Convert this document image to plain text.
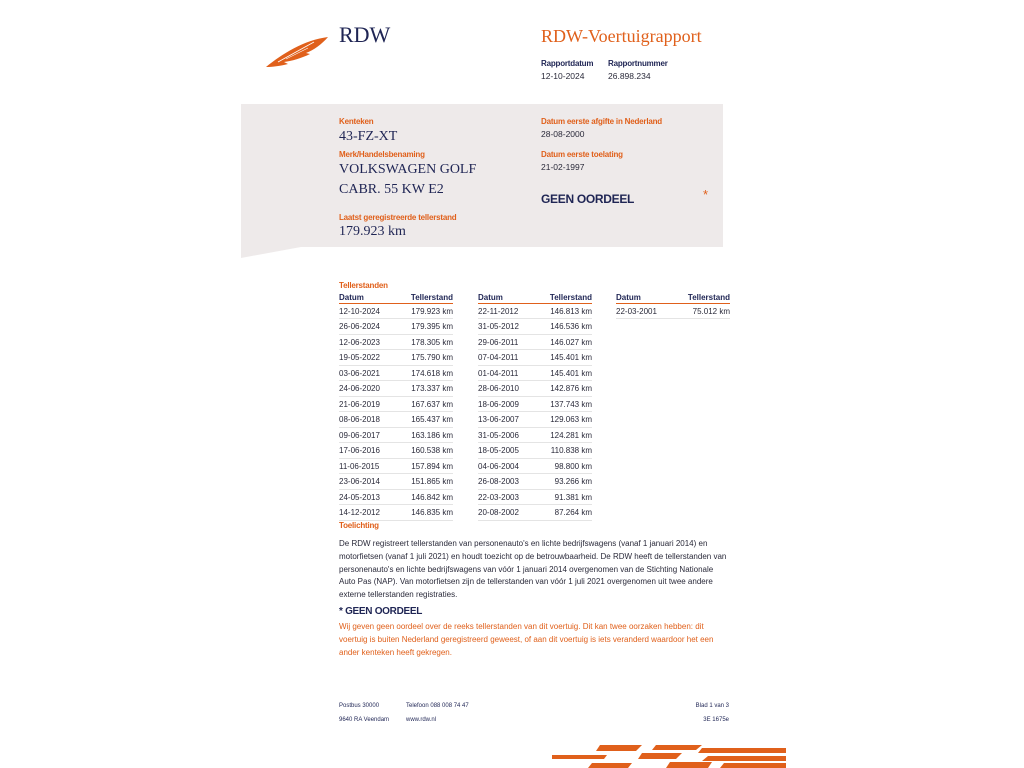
RDW	RDW-Voertuigrapport
Rapportdatum
12-10-2024
Rapportnummer
26.898.234
Kenteken
43-FZ-XT
Merk/Handelsbenaming
VOLKSWAGEN GOLF
CABR. 55 KW E2
Laatst geregistreerde tellerstand
179.923 km
Datum eerste afgifte in Nederland
28-08-2000
Datum eerste toelating
21-02-1997
GEEN OORDEEL	*
Tellerstanden
Datum	Tellerstand
12-10-2024	179.923 km
26-06-2024	179.395 km
12-06-2023	178.305 km
19-05-2022	175.790 km
03-06-2021	174.618 km
24-06-2020	173.337 km
21-06-2019	167.637 km
08-06-2018	165.437 km
09-06-2017	163.186 km
17-06-2016	160.538 km
11-06-2015	157.894 km
23-06-2014	151.865 km
24-05-2013	146.842 km
14-12-2012	146.835 km
Datum	Tellerstand
22-11-2012	146.813 km
31-05-2012	146.536 km
29-06-2011	146.027 km
07-04-2011	145.401 km
01-04-2011	145.401 km
28-06-2010	142.876 km
18-06-2009	137.743 km
13-06-2007	129.063 km
31-05-2006	124.281 km
18-05-2005	110.838 km
04-06-2004	98.800 km
26-08-2003	93.266 km
22-03-2003	91.381 km
20-08-2002	87.264 km
Datum	Tellerstand
22-03-2001	75.012 km
Toelichting
De RDW registreert tellerstanden van personenauto's en lichte bedrijfswagens (vanaf 1 januari 2014) en motorfietsen (vanaf 1 juli 2021) en houdt toezicht op de betrouwbaarheid. De RDW heeft de tellerstanden van personenauto's en lichte bedrijfswagens van vóór 1 januari 2014 overgenomen van de Stichting Nationale Auto Pas (NAP). Van motorfietsen zijn de tellerstanden van vóór 1 juli 2021 overgenomen uit twee andere externe tellerstanden registraties.
* GEEN OORDEEL
Wij geven geen oordeel over de reeks tellerstanden van dit voertuig. Dit kan twee oorzaken hebben: dit voertuig is buiten Nederland geregistreerd geweest, of aan dit voertuig is iets veranderd waardoor het een ander kenteken heeft gekregen.
Postbus 30000
9640 RA Veendam
Telefoon 088 008 74 47
www.rdw.nl
Blad 1 van 3
3E 1675e
